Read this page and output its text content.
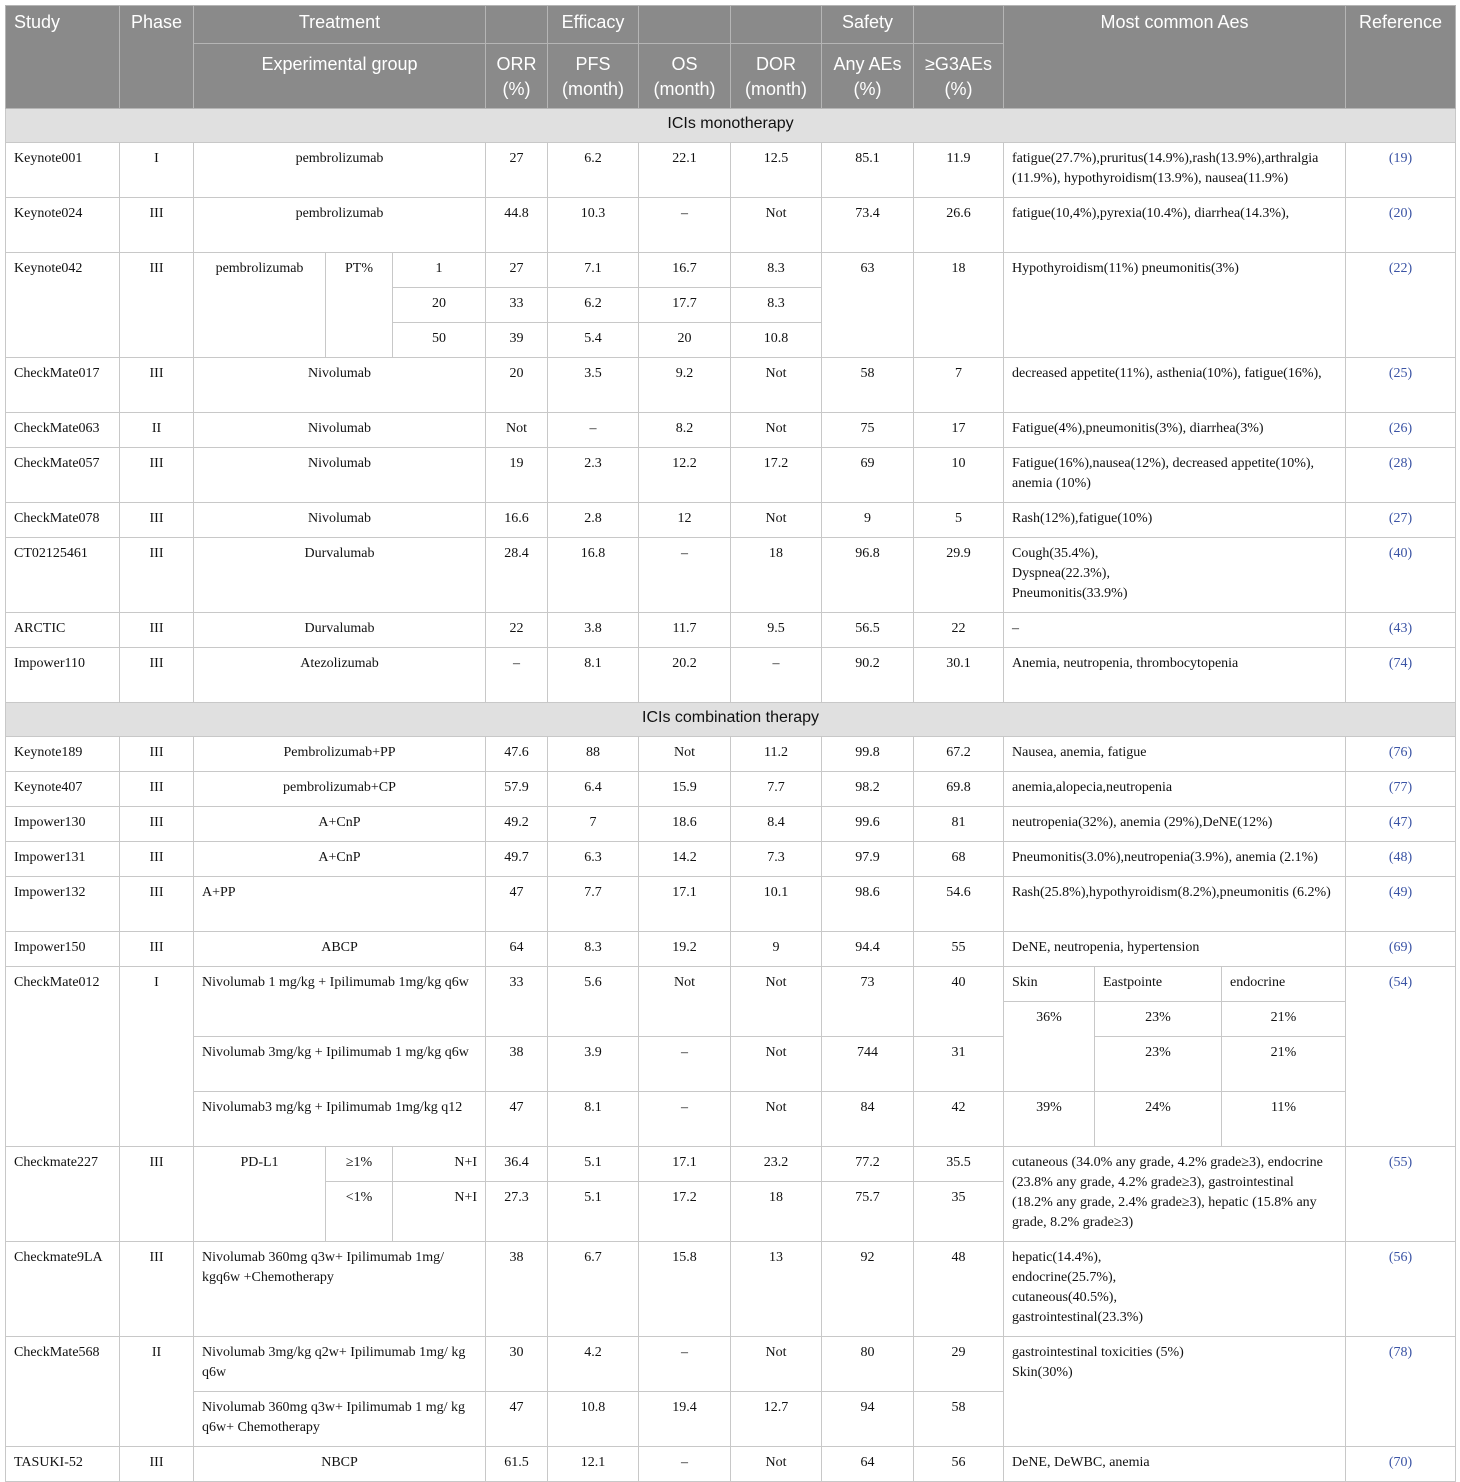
Study	Phase	Treatment				Efficacy			Safety		Most common Aes			Reference
		Experimental group			ORR (%)	PFS (month)	OS (month)	DOR (month)	Any AEs (%)	≥G3AEs (%)				
ICIs monotherapy														
Keynote001	I	pembrolizumab			27	6.2	22.1	12.5	85.1	11.9	fatigue(27.7%),pruritus(14.9%),rash(13.9%),arthralgia (11.9%), hypothyroidism(13.9%), nausea(11.9%)			(19)
Keynote024	III	pembrolizumab			44.8	10.3	–	Not	73.4	26.6	fatigue(10,4%),pyrexia(10.4%), diarrhea(14.3%),			(20)
Keynote042	III	pembrolizumab	PT%	1	27	7.1	16.7	8.3	63	18	Hypothyroidism(11%) pneumonitis(3%)			(22)
				20	33	6.2	17.7	8.3						
				50	39	5.4	20	10.8						
CheckMate017	III	Nivolumab			20	3.5	9.2	Not	58	7	decreased appetite(11%), asthenia(10%), fatigue(16%),			(25)
CheckMate063	II	Nivolumab			Not	–	8.2	Not	75	17	Fatigue(4%),pneumonitis(3%), diarrhea(3%)			(26)
CheckMate057	III	Nivolumab			19	2.3	12.2	17.2	69	10	Fatigue(16%),nausea(12%), decreased appetite(10%), anemia (10%)			(28)
CheckMate078	III	Nivolumab			16.6	2.8	12	Not	9	5	Rash(12%),fatigue(10%)			(27)
CT02125461	III	Durvalumab			28.4	16.8	–	18	96.8	29.9	Cough(35.4%),
Dyspnea(22.3%),
Pneumonitis(33.9%)			(40)
ARCTIC	III	Durvalumab			22	3.8	11.7	9.5	56.5	22	–			(43)
Impower110	III	Atezolizumab			–	8.1	20.2	–	90.2	30.1	Anemia, neutropenia, thrombocytopenia			(74)
ICIs combination therapy														
Keynote189	III	Pembrolizumab+PP			47.6	88	Not	11.2	99.8	67.2	Nausea, anemia, fatigue			(76)
Keynote407	III	pembrolizumab+CP			57.9	6.4	15.9	7.7	98.2	69.8	anemia,alopecia,neutropenia			(77)
Impower130	III	A+CnP			49.2	7	18.6	8.4	99.6	81	neutropenia(32%), anemia (29%),DeNE(12%)			(47)
Impower131	III	A+CnP			49.7	6.3	14.2	7.3	97.9	68	Pneumonitis(3.0%),neutropenia(3.9%), anemia (2.1%)			(48)
Impower132	III	A+PP			47	7.7	17.1	10.1	98.6	54.6	Rash(25.8%),hypothyroidism(8.2%),pneumonitis (6.2%)			(49)
Impower150	III	ABCP			64	8.3	19.2	9	94.4	55	DeNE, neutropenia, hypertension			(69)
CheckMate012	I	Nivolumab 1 mg/kg + Ipilimumab 1mg/kg q6w			33	5.6	Not	Not	73	40	Skin	Eastpointe	endocrine	(54)
											36%	23%	21%	
		Nivolumab 3mg/kg + Ipilimumab 1 mg/kg q6w			38	3.9	–	Not	744	31		23%	21%	
		Nivolumab3 mg/kg + Ipilimumab 1mg/kg q12			47	8.1	–	Not	84	42	39%	24%	11%	
Checkmate227	III	PD-L1	≥1%	N+I	36.4	5.1	17.1	23.2	77.2	35.5	cutaneous (34.0% any grade, 4.2% grade≥3), endocrine (23.8% any grade, 4.2% grade≥3), gastrointestinal (18.2% any grade, 2.4% grade≥3), hepatic (15.8% any grade, 8.2% grade≥3)			(55)
			<1%	N+I	27.3	5.1	17.2	18	75.7	35				
Checkmate9LA	III	Nivolumab 360mg q3w+ Ipilimumab 1mg/ kgq6w +Chemotherapy			38	6.7	15.8	13	92	48	hepatic(14.4%),
endocrine(25.7%),
cutaneous(40.5%),
gastrointestinal(23.3%)			(56)
CheckMate568	II	Nivolumab 3mg/kg q2w+ Ipilimumab 1mg/ kg q6w			30	4.2	–	Not	80	29	gastrointestinal toxicities (5%)
Skin(30%)			(78)
		Nivolumab 360mg q3w+ Ipilimumab 1 mg/ kg q6w+ Chemotherapy			47	10.8	19.4	12.7	94	58				
TASUKI-52	III	NBCP			61.5	12.1	–	Not	64	56	DeNE, DeWBC, anemia			(70)
